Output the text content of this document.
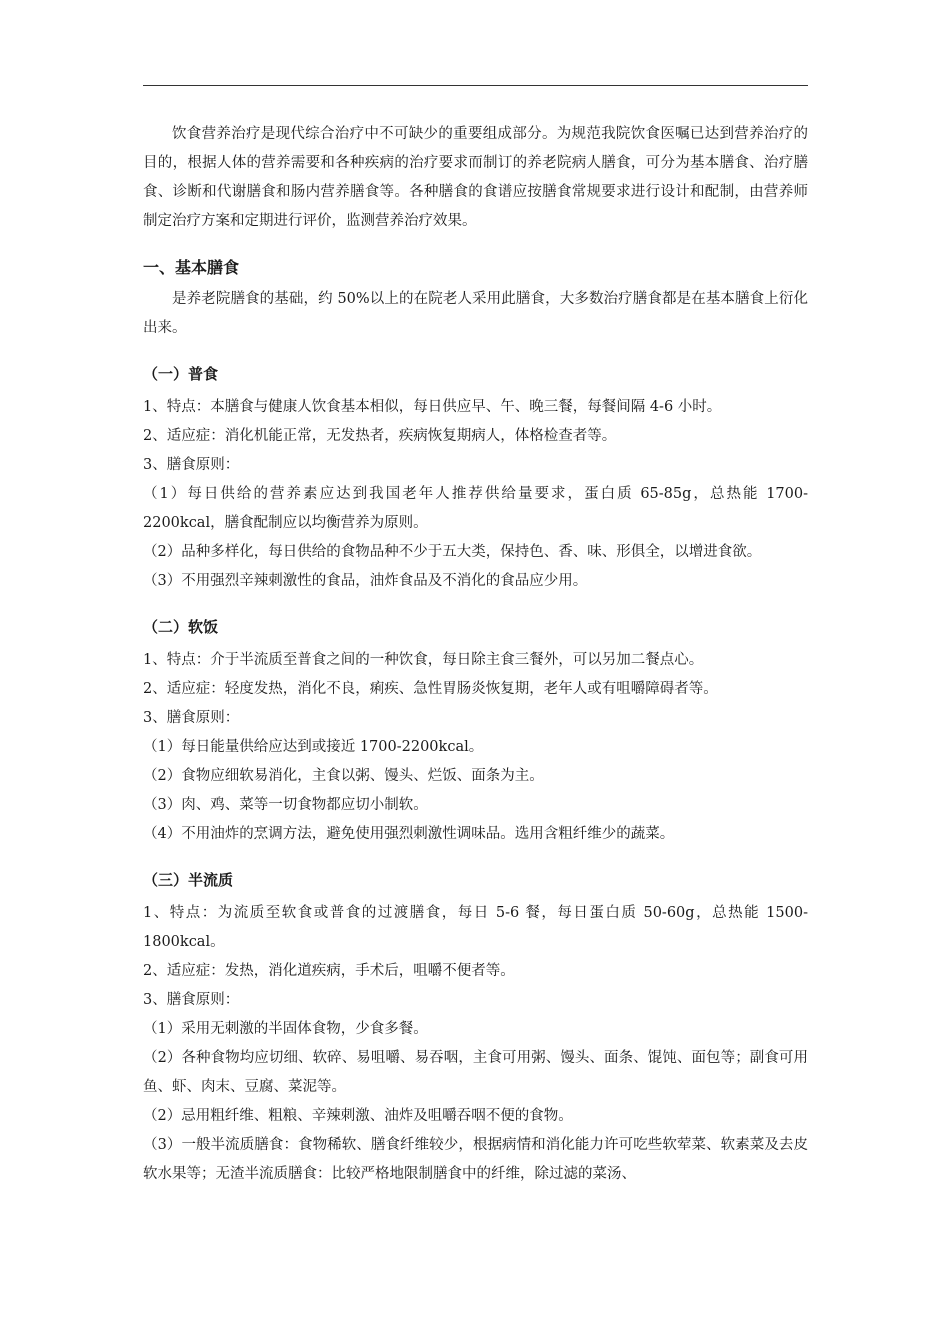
饮食营养治疗是现代综合治疗中不可缺少的重要组成部分。为规范我院饮食医嘱已达到营养治疗的目的，根据人体的营养需要和各种疾病的治疗要求而制订的养老院病人膳食，可分为基本膳食、治疗膳食、诊断和代谢膳食和肠内营养膳食等。各种膳食的食谱应按膳食常规要求进行设计和配制，由营养师制定治疗方案和定期进行评价，监测营养治疗效果。

一、基本膳食

是养老院膳食的基础，约 50%以上的在院老人采用此膳食，大多数治疗膳食都是在基本膳食上衍化出来。

（一）普食

1、特点：本膳食与健康人饮食基本相似，每日供应早、午、晚三餐，每餐间隔 4-6 小时。

2、适应症：消化机能正常，无发热者，疾病恢复期病人，体格检查者等。

3、膳食原则：

（1）每日供给的营养素应达到我国老年人推荐供给量要求，蛋白质 65-85g，总热能 1700-2200kcal，膳食配制应以均衡营养为原则。

（2）品种多样化，每日供给的食物品种不少于五大类，保持色、香、味、形俱全，以增进食欲。

（3）不用强烈辛辣刺激性的食品，油炸食品及不消化的食品应少用。

（二）软饭

1、特点：介于半流质至普食之间的一种饮食，每日除主食三餐外，可以另加二餐点心。

2、适应症：轻度发热，消化不良，痢疾、急性胃肠炎恢复期，老年人或有咀嚼障碍者等。

3、膳食原则：

（1）每日能量供给应达到或接近 1700-2200kcal。

（2）食物应细软易消化，主食以粥、馒头、烂饭、面条为主。

（3）肉、鸡、菜等一切食物都应切小制软。

（4）不用油炸的烹调方法，避免使用强烈刺激性调味品。选用含粗纤维少的蔬菜。

（三）半流质

1、特点：为流质至软食或普食的过渡膳食，每日 5-6 餐，每日蛋白质 50-60g，总热能 1500-1800kcal。

2、适应症：发热，消化道疾病，手术后，咀嚼不便者等。

3、膳食原则：

（1）采用无刺激的半固体食物，少食多餐。

（2）各种食物均应切细、软碎、易咀嚼、易吞咽，主食可用粥、馒头、面条、馄饨、面包等；副食可用鱼、虾、肉末、豆腐、菜泥等。

（2）忌用粗纤维、粗粮、辛辣刺激、油炸及咀嚼吞咽不便的食物。

（3）一般半流质膳食：食物稀软、膳食纤维较少，根据病情和消化能力许可吃些软荤菜、软素菜及去皮软水果等；无渣半流质膳食：比较严格地限制膳食中的纤维，除过滤的菜汤、
